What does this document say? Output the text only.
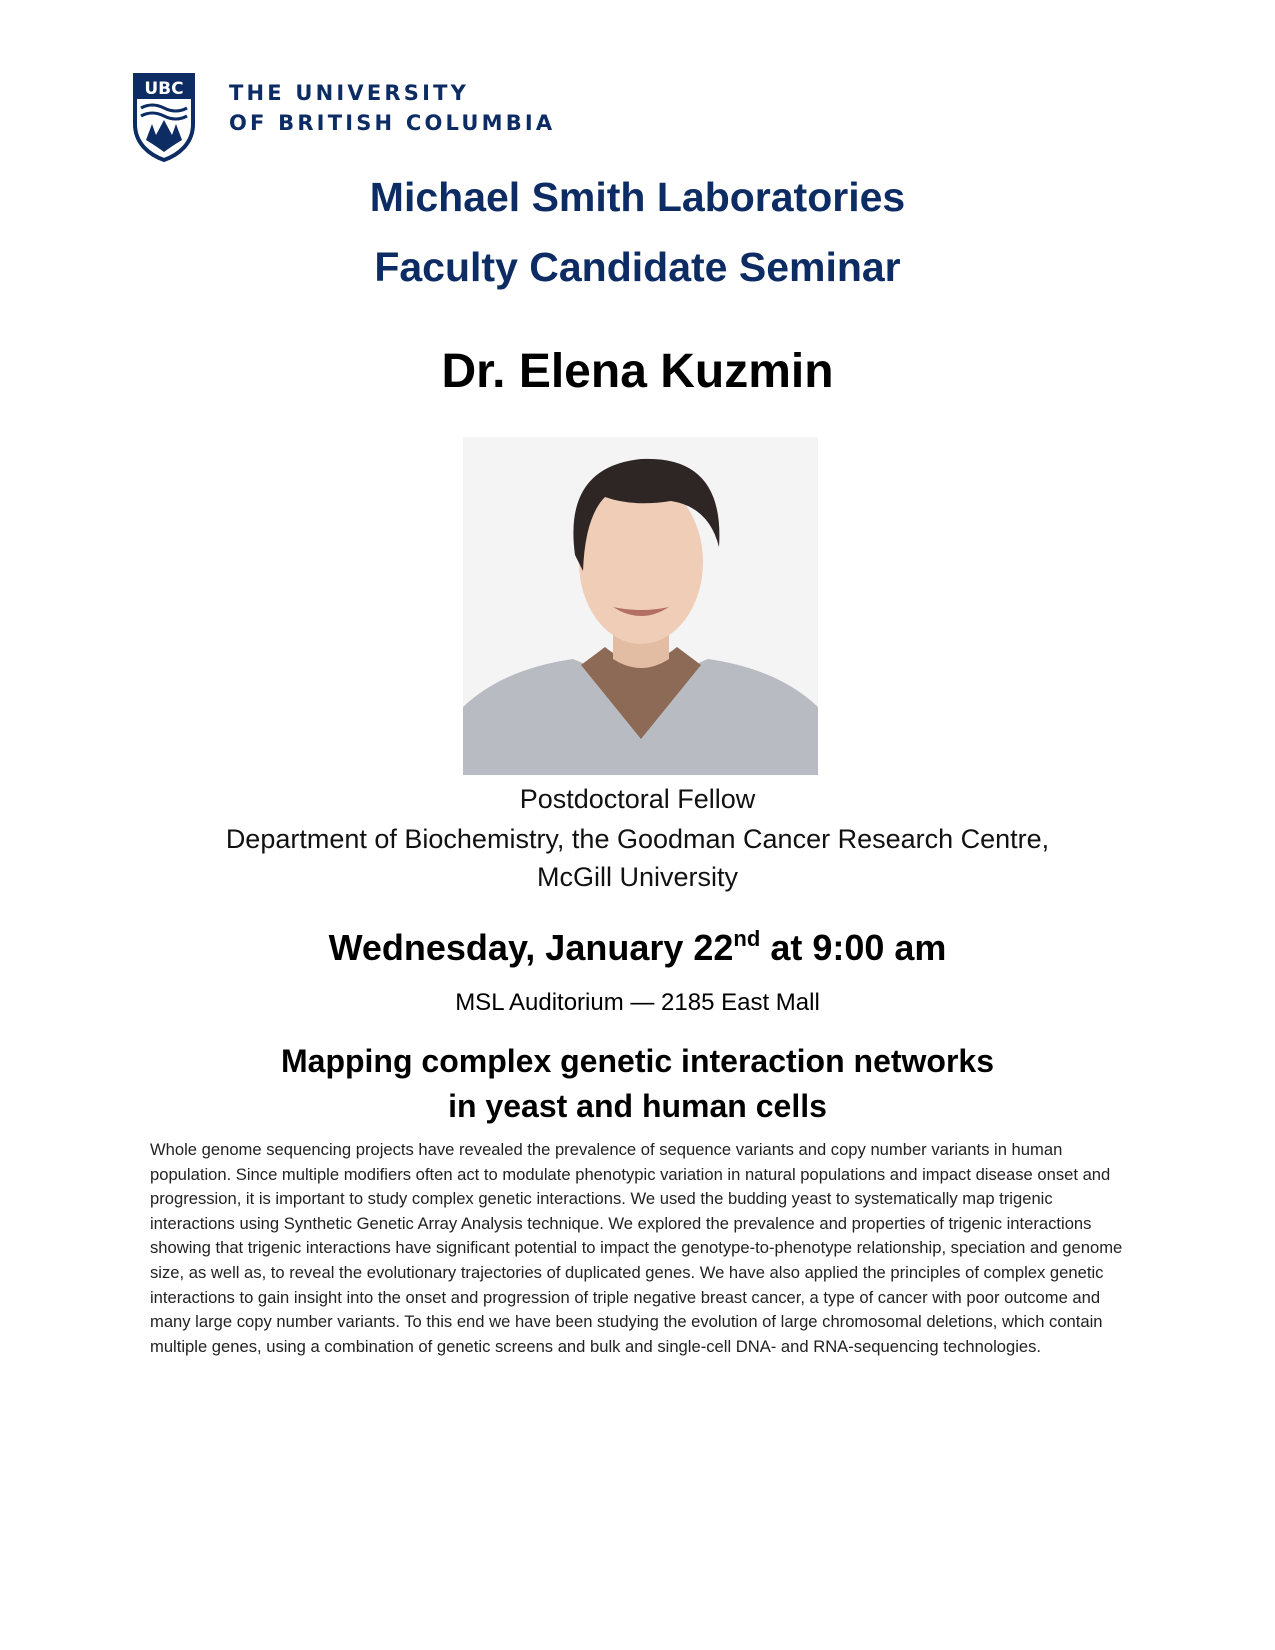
UBC THE UNIVERSITY
OF BRITISH COLUMBIA
Michael Smith Laboratories
Faculty Candidate Seminar
Dr. Elena Kuzmin
Postdoctoral Fellow
Department of Biochemistry, the Goodman Cancer Research Centre,
McGill University
Wednesday, January 22nd at 9:00 am
MSL Auditorium — 2185 East Mall
Mapping complex genetic interaction networks
in yeast and human cells
Whole genome sequencing projects have revealed the prevalence of sequence variants and copy number variants in human population. Since multiple modifiers often act to modulate phenotypic variation in natural populations and impact disease onset and progression, it is important to study complex genetic interactions. We used the budding yeast to systematically map trigenic interactions using Synthetic Genetic Array Analysis technique. We explored the prevalence and properties of trigenic interactions showing that trigenic interactions have significant potential to impact the genotype-to-phenotype relationship, speciation and genome size, as well as, to reveal the evolutionary trajectories of duplicated genes. We have also applied the principles of complex genetic interactions to gain insight into the onset and progression of triple negative breast cancer, a type of cancer with poor outcome and many large copy number variants. To this end we have been studying the evolution of large chromosomal deletions, which contain multiple genes, using a combination of genetic screens and bulk and single-cell DNA- and RNA-sequencing technologies.
